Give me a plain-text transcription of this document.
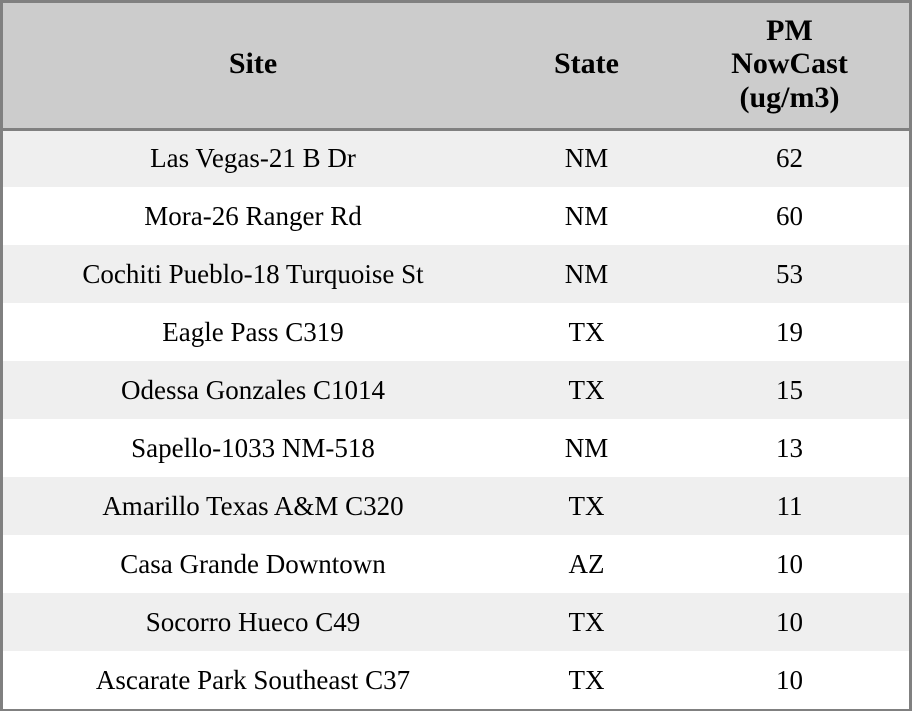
Site	State	PM
NowCast
(ug/m3)

Las Vegas-21 B Dr	NM	62
Mora-26 Ranger Rd	NM	60
Cochiti Pueblo-18 Turquoise St	NM	53
Eagle Pass C319	TX	19
Odessa Gonzales C1014	TX	15
Sapello-1033 NM-518	NM	13
Amarillo Texas A&M C320	TX	11
Casa Grande Downtown	AZ	10
Socorro Hueco C49	TX	10
Ascarate Park Southeast C37	TX	10
